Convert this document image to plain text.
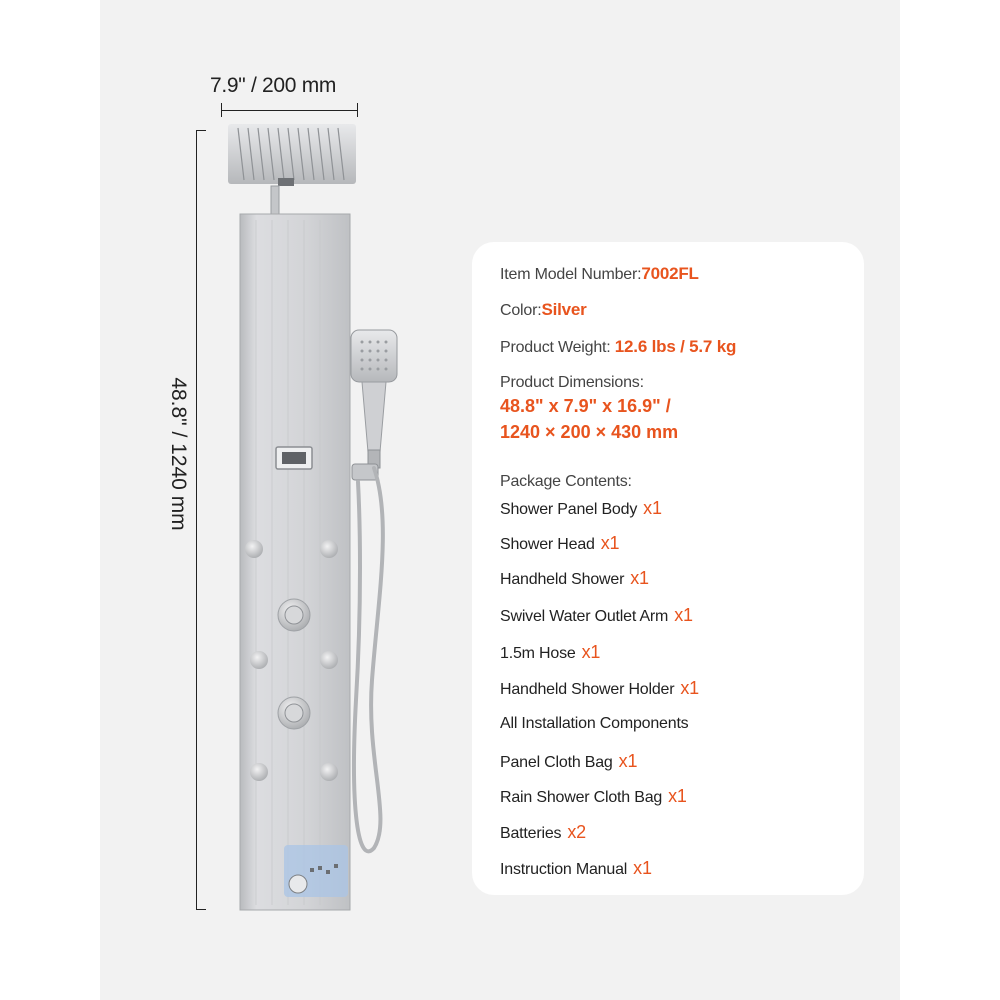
7.9" / 200 mm
48.8" / 1240 mm
Item Model Number:7002FL
Color:Silver
Product Weight: 12.6 lbs / 5.7 kg
Product Dimensions:
48.8" x 7.9" x 16.9" /
1240 × 200 × 430 mm
Package Contents:
Shower Panel Body x1
Shower Head x1
Handheld Shower x1
Swivel Water Outlet Arm x1
1.5m Hose x1
Handheld Shower Holder x1
All Installation Components
Panel Cloth Bag x1
Rain Shower Cloth Bag x1
Batteries x2
Instruction Manual x1
